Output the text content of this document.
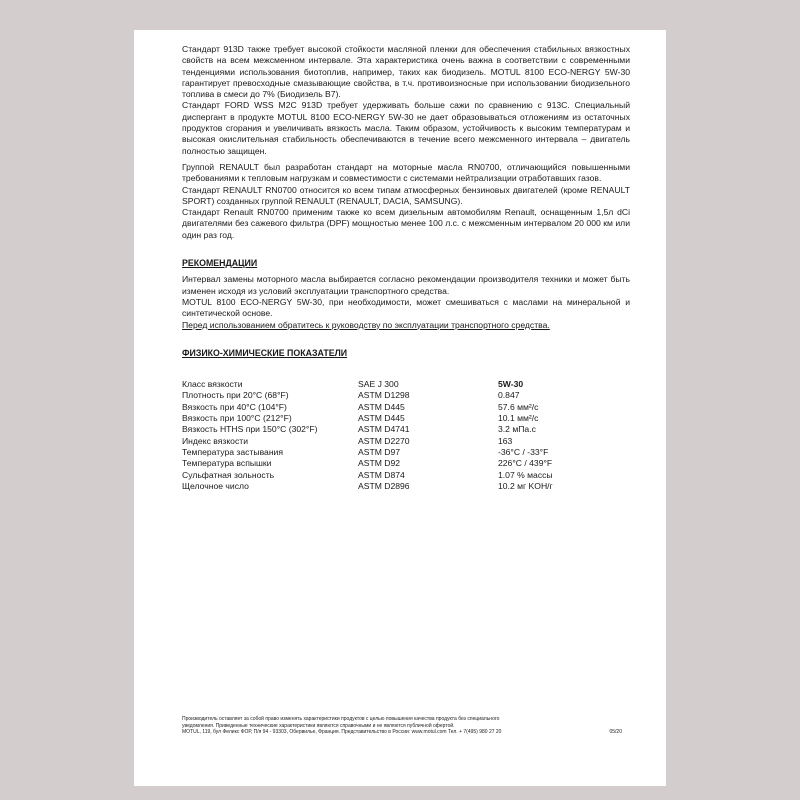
Стандарт 913D также требует высокой стойкости масляной пленки для обеспечения стабильных вязкостных свойств на всем межсменном интервале. Эта характеристика очень важна в соответствии с современными тенденциями использования биотоплив, например, таких как биодизель. MOTUL 8100 ECO-NERGY 5W-30 гарантирует превосходные смазывающие свойства, в т.ч. противоизносные при использовании биодизельного топлива в смеси до 7% (Биодизель B7).

Стандарт FORD WSS M2C 913D требует удерживать больше сажи по сравнению с 913C. Специальный диспергант в продукте MOTUL 8100 ECO-NERGY 5W-30 не дает образовываться отложениям из остаточных продуктов сгорания и увеличивать вязкость масла. Таким образом, устойчивость к высоким температурам и высокая окислительная стабильность обеспечиваются в течение всего межсменного интервала – двигатель полностью защищен.

Группой RENAULT был разработан стандарт на моторные масла RN0700, отличающийся повышенными требованиями к тепловым нагрузкам и совместимости с системами нейтрализации отработавших газов.

Стандарт RENAULT RN0700 относится ко всем типам атмосферных бензиновых двигателей (кроме RENAULT SPORT) созданных группой RENAULT (RENAULT, DACIA, SAMSUNG).

Стандарт Renault RN0700 применим также ко всем дизельным автомобилям Renault, оснащенным 1,5л dCi двигателями без сажевого фильтра (DPF) мощностью менее 100 л.с. с межсменным интервалом 20 000 км или один раз год.

РЕКОМЕНДАЦИИ

Интервал замены моторного масла выбирается согласно рекомендации производителя техники и может быть изменен исходя из условий эксплуатации транспортного средства.

MOTUL 8100 ECO-NERGY 5W-30, при необходимости, может смешиваться с маслами на минеральной и синтетической основе.

Перед использованием обратитесь к руководству по эксплуатации транспортного средства.

ФИЗИКО-ХИМИЧЕСКИЕ ПОКАЗАТЕЛИ

Класс вязкости	SAE J 300	5W-30
Плотность при 20°C (68°F)	ASTM D1298	0.847
Вязкость при 40°C (104°F)	ASTM D445	57.6 мм²/c
Вязкость при 100°C (212°F)	ASTM D445	10.1 мм²/c
Вязкость HTHS при 150°C (302°F)	ASTM D4741	3.2 мПа.c
Индекс вязкости	ASTM D2270	163
Температура застывания	ASTM D97	-36°C / -33°F
Температура вспышки	ASTM D92	226°C / 439°F
Сульфатная зольность	ASTM D874	1.07 % массы
Щелочное число	ASTM D2896	10.2 мг KOH/г
Производитель оставляет за собой право изменять характеристики продуктов с целью повышения качества продукта без специального
уведомления. Приведенные технические характеристики являются справочными и не являются публичной офертой.
MOTUL, 119, бул Феликс ФОР, П/я 94 - 93303, Обервилье, Франция. Представительство в России: www.motul.com Тел. + 7(495) 980 27 20	05/20
